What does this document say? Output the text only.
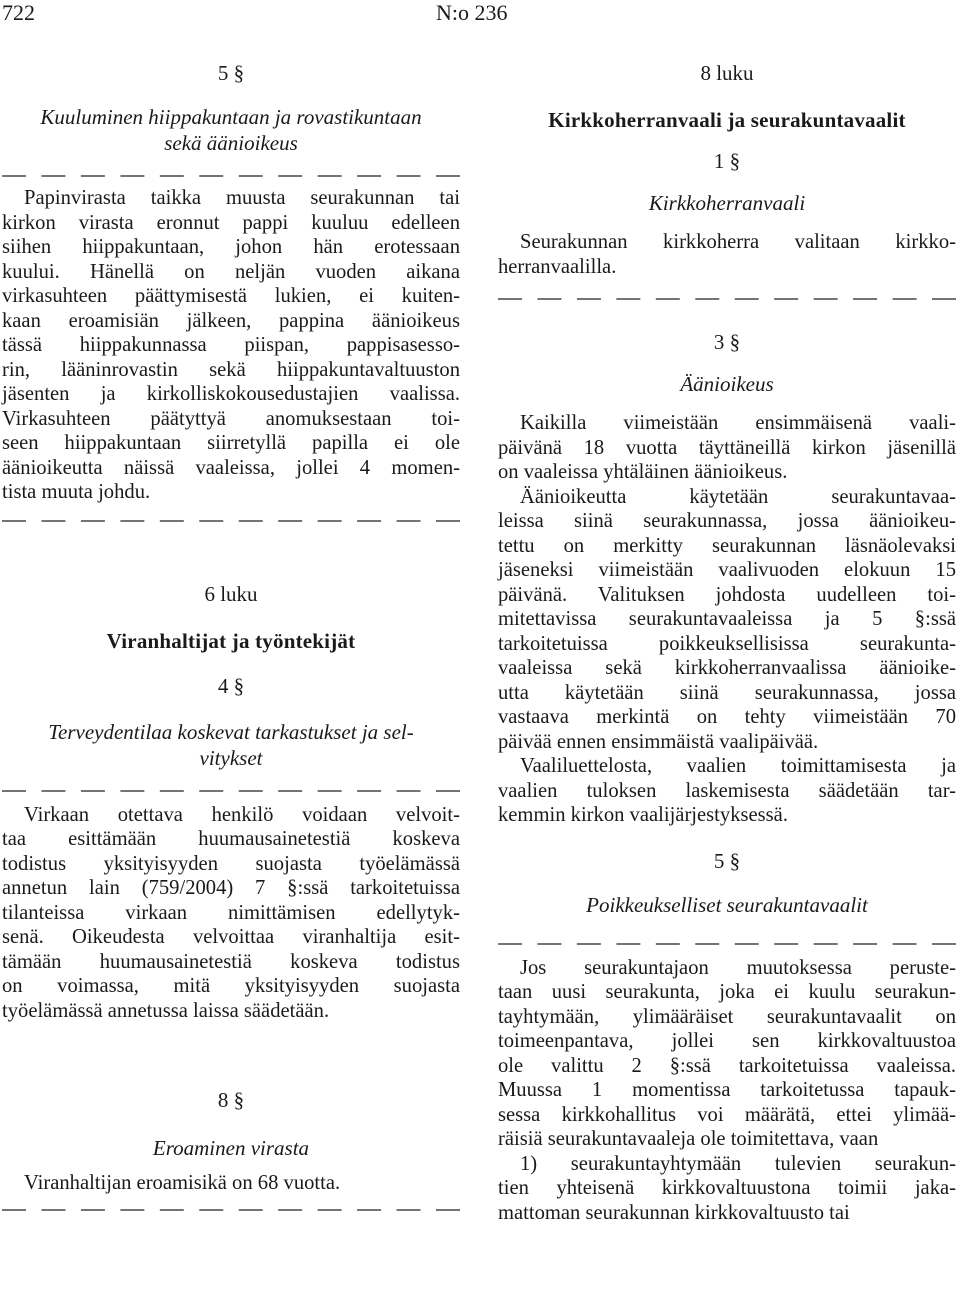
722	N:o 236

5 §

Kuuluminen hiippakuntaan ja rovastikuntaan

sekä äänioikeus

Papinvirasta taikka muusta seurakunnan tai
kirkon virasta eronnut pappi kuuluu edelleen
siihen hiippakuntaan, johon hän erotessaan
kuului. Hänellä on neljän vuoden aikana
virkasuhteen päättymisestä lukien, ei kuiten-
kaan eroamisiän jälkeen, pappina äänioikeus
tässä hiippakunnassa piispan, pappisasesso-
rin, lääninrovastin sekä hiippakuntavaltuuston
jäsenten ja kirkolliskokousedustajien vaalissa.
Virkasuhteen päätyttyä anomuksestaan toi-
seen hiippakuntaan siirretyllä papilla ei ole
äänioikeutta näissä vaaleissa, jollei 4 momen-
tista muuta johdu.

6 luku

Viranhaltijat ja työntekijät

4 §

Terveydentilaa koskevat tarkastukset ja sel-

vitykset

Virkaan otettava henkilö voidaan velvoit-
taa esittämään huumausainetestiä koskeva
todistus yksityisyyden suojasta työelämässä
annetun lain (759/2004) 7 §:ssä tarkoitetuissa
tilanteissa virkaan nimittämisen edellytyk-
senä. Oikeudesta velvoittaa viranhaltija esit-
tämään huumausainetestiä koskeva todistus
on voimassa, mitä yksityisyyden suojasta
työelämässä annetussa laissa säädetään.

8 §

Eroaminen virasta

Viranhaltijan eroamisikä on 68 vuotta.

8 luku

Kirkkoherranvaali ja seurakuntavaalit

1 §

Kirkkoherranvaali

Seurakunnan kirkkoherra valitaan kirkko-
herranvaalilla.

3 §

Äänioikeus

Kaikilla viimeistään ensimmäisenä vaali-
päivänä 18 vuotta täyttäneillä kirkon jäsenillä
on vaaleissa yhtäläinen äänioikeus.
Äänioikeutta käytetään seurakuntavaa-
leissa siinä seurakunnassa, jossa äänioikeu-
tettu on merkitty seurakunnan läsnäolevaksi
jäseneksi viimeistään vaalivuoden elokuun 15
päivänä. Valituksen johdosta uudelleen toi-
mitettavissa seurakuntavaaleissa ja 5 §:ssä
tarkoitetuissa poikkeuksellisissa seurakunta-
vaaleissa sekä kirkkoherranvaalissa äänioike-
utta käytetään siinä seurakunnassa, jossa
vastaava merkintä on tehty viimeistään 70
päivää ennen ensimmäistä vaalipäivää.
Vaaliluettelosta, vaalien toimittamisesta ja
vaalien tuloksen laskemisesta säädetään tar-
kemmin kirkon vaalijärjestyksessä.

5 §

Poikkeukselliset seurakuntavaalit

Jos seurakuntajaon muutoksessa peruste-
taan uusi seurakunta, joka ei kuulu seurakun-
tayhtymään, ylimääräiset seurakuntavaalit on
toimeenpantava, jollei sen kirkkovaltuustoa
ole valittu 2 §:ssä tarkoitetuissa vaaleissa.
Muussa 1 momentissa tarkoitetussa tapauk-
sessa kirkkohallitus voi määrätä, ettei ylimää-
räisiä seurakuntavaaleja ole toimitettava, vaan
1) seurakuntayhtymään tulevien seurakun-
tien yhteisenä kirkkovaltuustona toimii jaka-
mattoman seurakunnan kirkkovaltuusto tai
